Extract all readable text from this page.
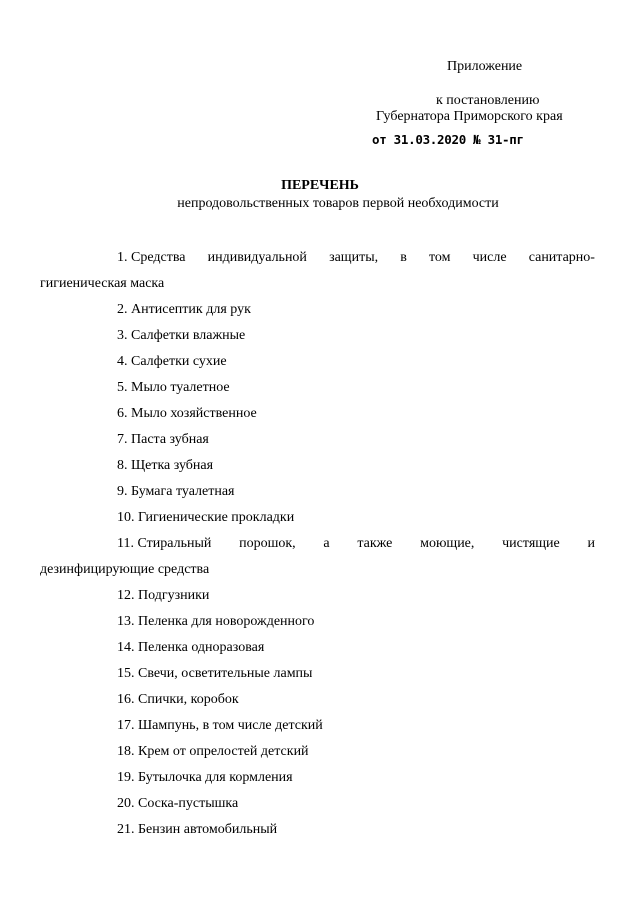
Приложение
к постановлению
Губернатора Приморского края
от 31.03.2020 № 31-пг
ПЕРЕЧЕНЬ
непродовольственных товаров первой необходимости
1. Средства индивидуальной защиты, в том числе санитарно-
гигиеническая маска
2. Антисептик для рук
3. Салфетки влажные
4. Салфетки сухие
5. Мыло туалетное
6. Мыло хозяйственное
7. Паста зубная
8. Щетка зубная
9. Бумага туалетная
10. Гигиенические прокладки
11. Стиральный порошок, а также моющие, чистящие и
дезинфицирующие средства
12. Подгузники
13. Пеленка для новорожденного
14. Пеленка одноразовая
15. Свечи, осветительные лампы
16. Спички, коробок
17. Шампунь, в том числе детский
18. Крем от опрелостей детский
19. Бутылочка для кормления
20. Соска-пустышка
21. Бензин автомобильный
